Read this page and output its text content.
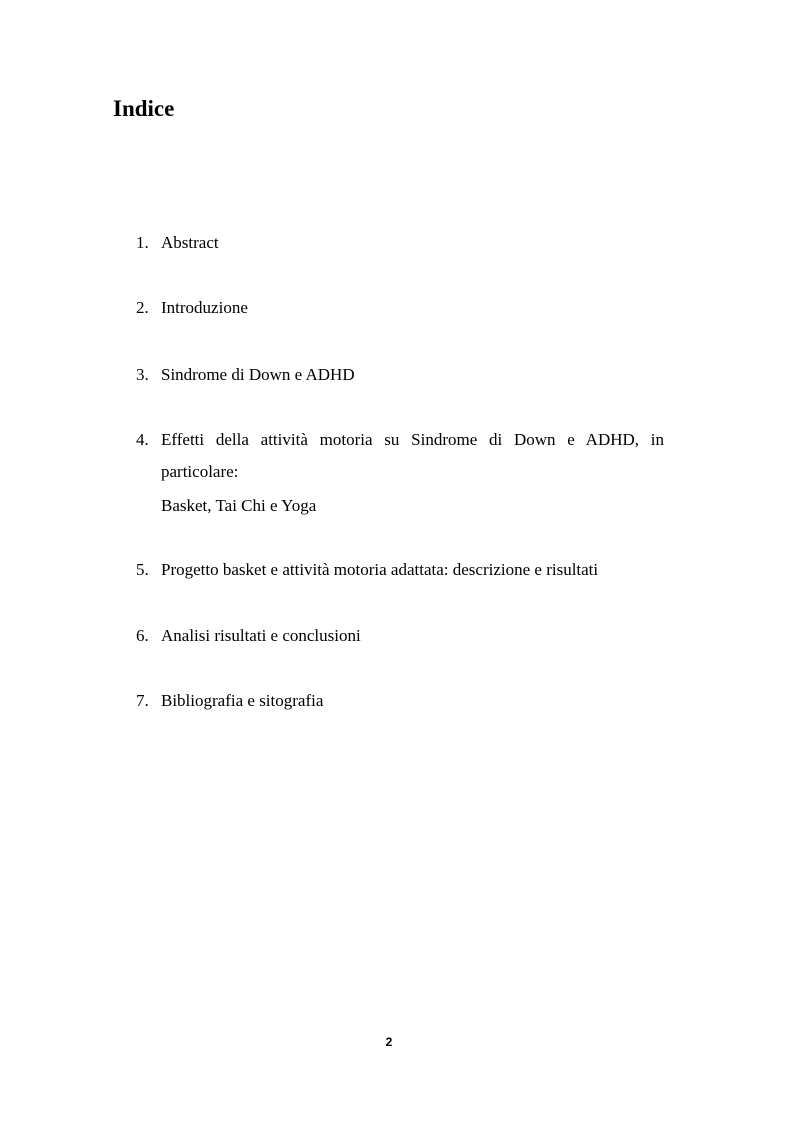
Indice
1. Abstract
2. Introduzione
3. Sindrome di Down e ADHD
4. Effetti della attività motoria su Sindrome di Down e ADHD, in particolare:
Basket, Tai Chi e Yoga
5. Progetto basket e attività motoria adattata: descrizione e risultati
6. Analisi risultati e conclusioni
7. Bibliografia e sitografia
2
